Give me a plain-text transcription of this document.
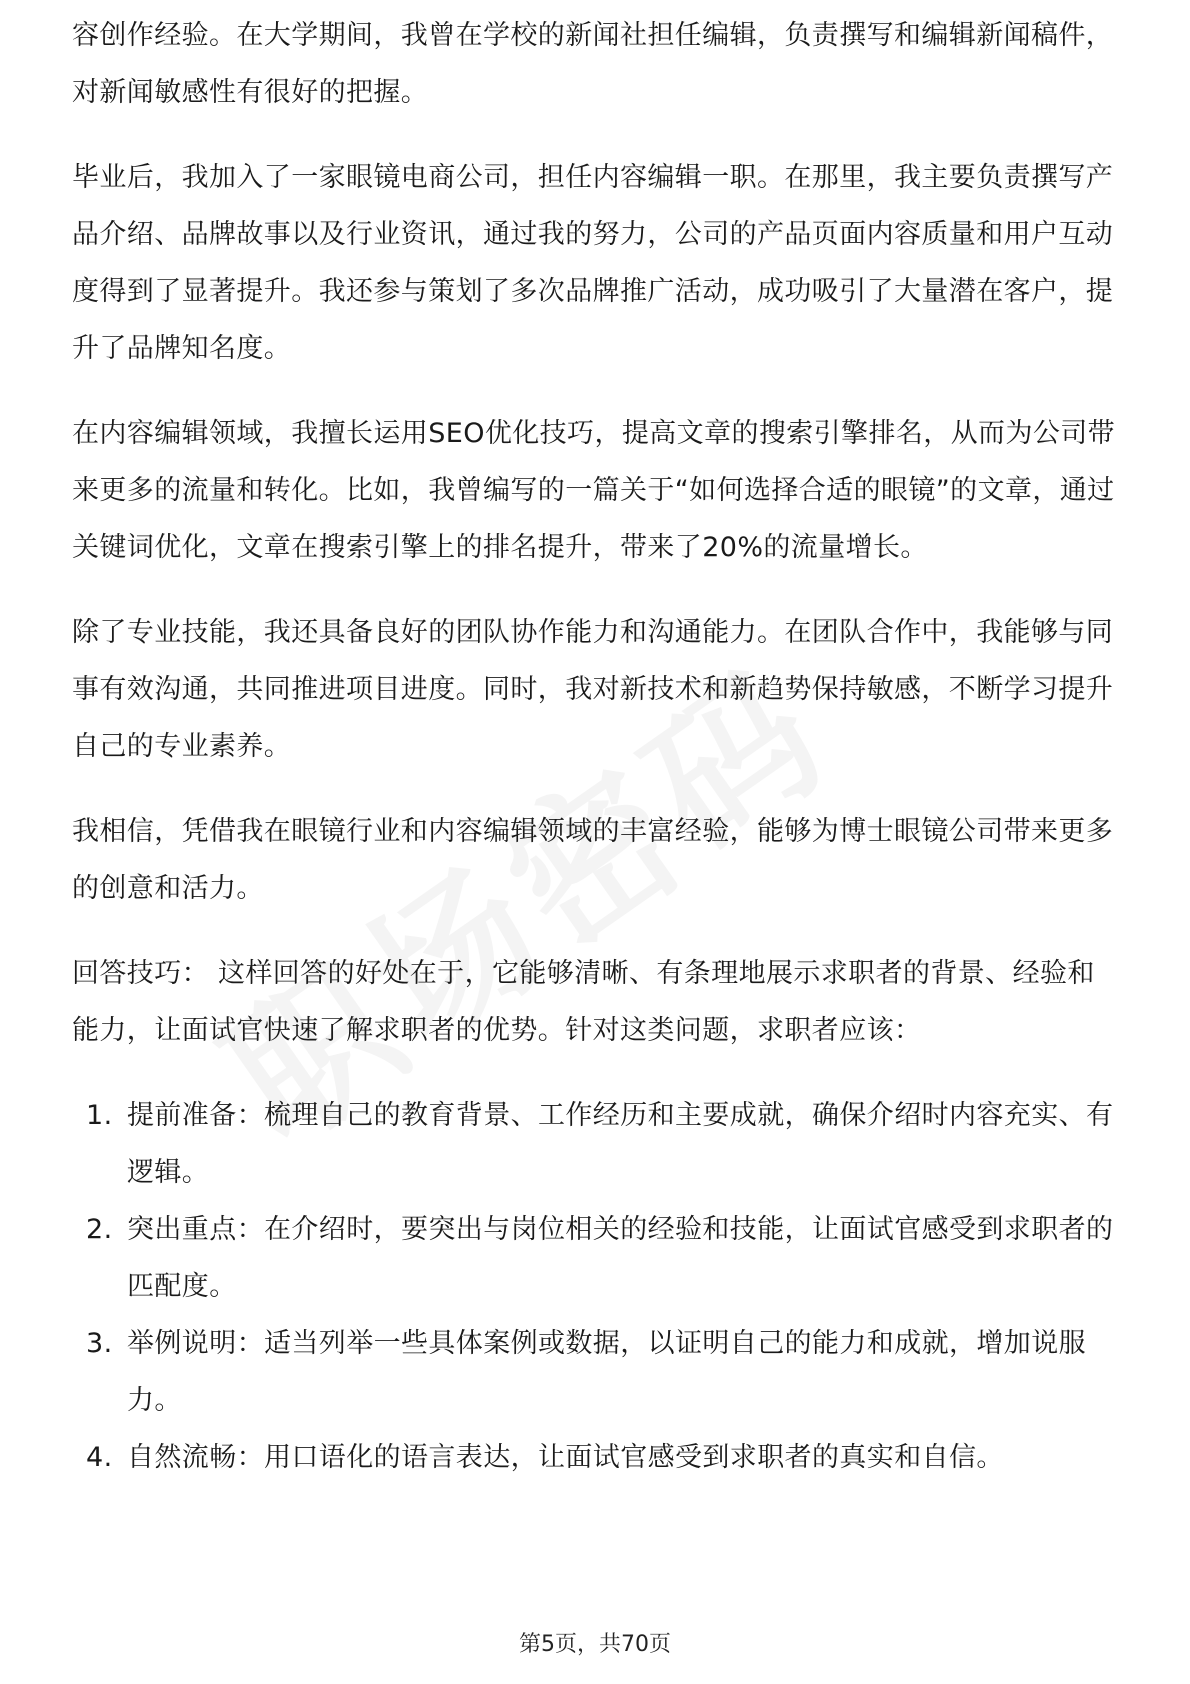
容创作经验。在大学期间，我曾在学校的新闻社担任编辑，负责撰写和编辑新闻稿件，对新闻敏感性有很好的把握。

毕业后，我加入了一家眼镜电商公司，担任内容编辑一职。在那里，我主要负责撰写产品介绍、品牌故事以及行业资讯，通过我的努力，公司的产品页面内容质量和用户互动度得到了显著提升。我还参与策划了多次品牌推广活动，成功吸引了大量潜在客户，提升了品牌知名度。

在内容编辑领域，我擅长运用SEO优化技巧，提高文章的搜索引擎排名，从而为公司带来更多的流量和转化。比如，我曾编写的一篇关于“如何选择合适的眼镜”的文章，通过关键词优化，文章在搜索引擎上的排名提升，带来了20%的流量增长。

除了专业技能，我还具备良好的团队协作能力和沟通能力。在团队合作中，我能够与同事有效沟通，共同推进项目进度。同时，我对新技术和新趋势保持敏感，不断学习提升自己的专业素养。

我相信，凭借我在眼镜行业和内容编辑领域的丰富经验，能够为博士眼镜公司带来更多的创意和活力。

回答技巧： 这样回答的好处在于，它能够清晰、有条理地展示求职者的背景、经验和能力，让面试官快速了解求职者的优势。针对这类问题，求职者应该：

1. 提前准备：梳理自己的教育背景、工作经历和主要成就，确保介绍时内容充实、有逻辑。
2. 突出重点：在介绍时，要突出与岗位相关的经验和技能，让面试官感受到求职者的匹配度。
3. 举例说明：适当列举一些具体案例或数据，以证明自己的能力和成就，增加说服力。
4. 自然流畅：用口语化的语言表达，让面试官感受到求职者的真实和自信。
第5页，共70页
